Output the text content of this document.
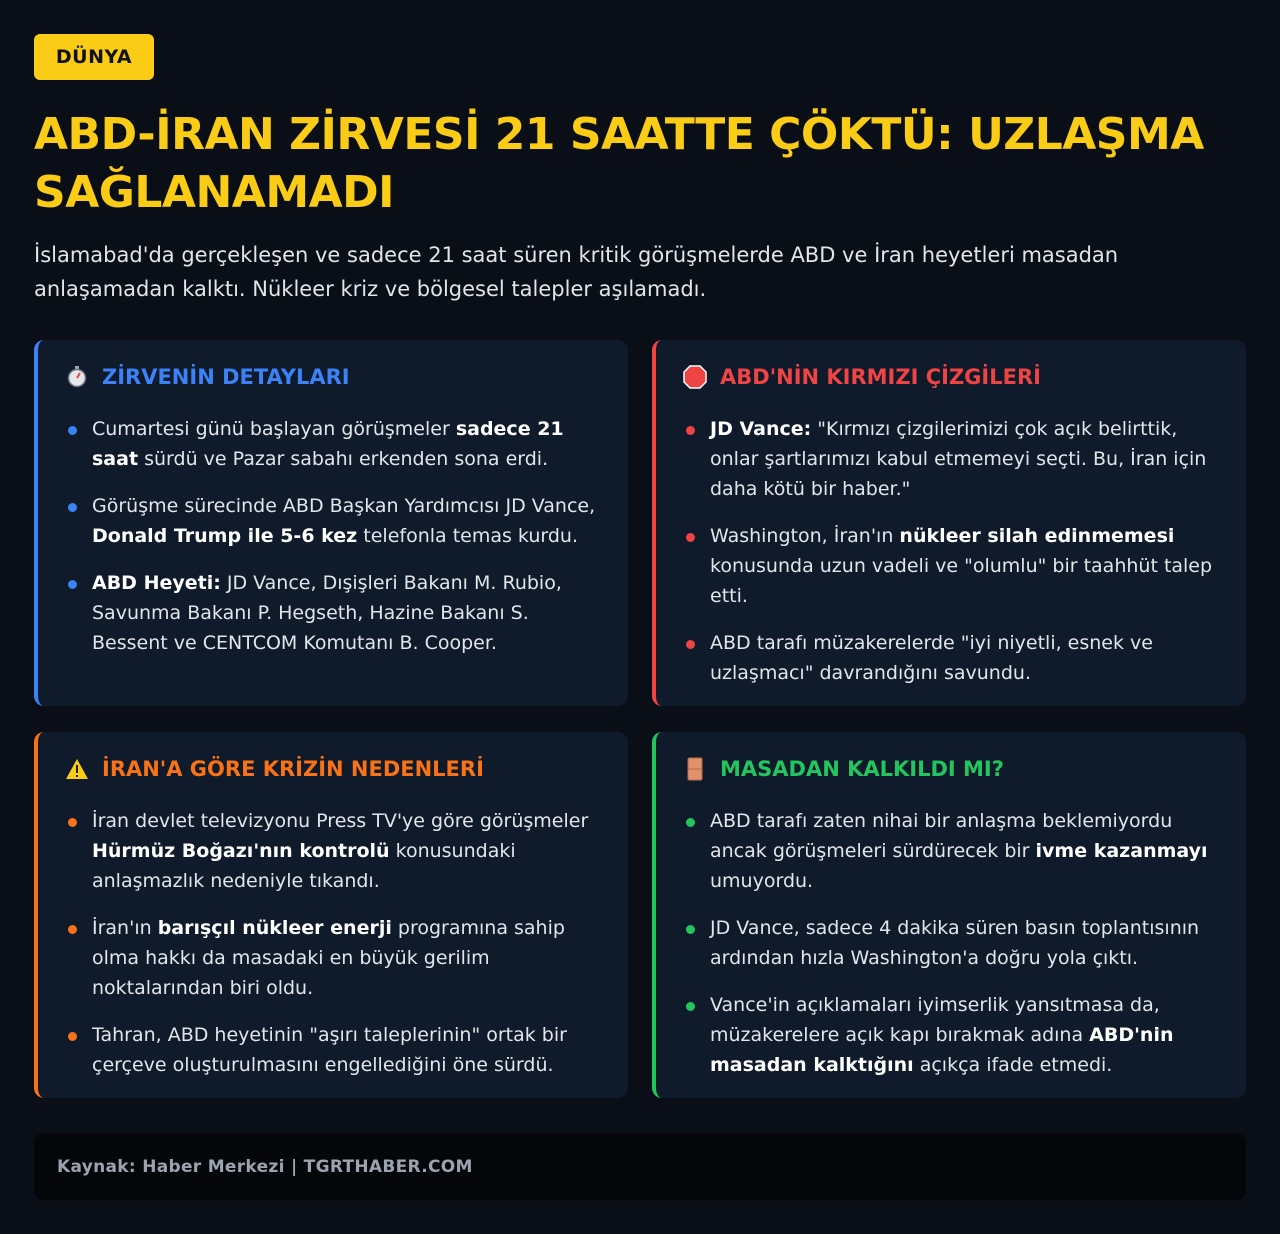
DÜNYA
ABD-İRAN ZİRVESİ 21 SAATTE ÇÖKTÜ: UZLAŞMA SAĞLANAMADI

İslamabad'da gerçekleşen ve sadece 21 saat süren kritik görüşmelerde ABD ve İran heyetleri masadan anlaşamadan kalktı. Nükleer kriz ve bölgesel talepler aşılamadı.

ZİRVENİN DETAYLARI
Cumartesi günü başlayan görüşmeler sadece 21 saat sürdü ve Pazar sabahı erkenden sona erdi.
Görüşme sürecinde ABD Başkan Yardımcısı JD Vance, Donald Trump ile 5-6 kez telefonla temas kurdu.
ABD Heyeti: JD Vance, Dışişleri Bakanı M. Rubio, Savunma Bakanı P. Hegseth, Hazine Bakanı S. Bessent ve CENTCOM Komutanı B. Cooper.
ABD'NİN KIRMIZI ÇİZGİLERİ
JD Vance: "Kırmızı çizgilerimizi çok açık belirttik, onlar şartlarımızı kabul etmemeyi seçti. Bu, İran için daha kötü bir haber."
Washington, İran'ın nükleer silah edinmemesi konusunda uzun vadeli ve "olumlu" bir taahhüt talep etti.
ABD tarafı müzakerelerde "iyi niyetli, esnek ve uzlaşmacı" davrandığını savundu.
İRAN'A GÖRE KRİZİN NEDENLERİ
İran devlet televizyonu Press TV'ye göre görüşmeler Hürmüz Boğazı'nın kontrolü konusundaki anlaşmazlık nedeniyle tıkandı.
İran'ın barışçıl nükleer enerji programına sahip olma hakkı da masadaki en büyük gerilim noktalarından biri oldu.
Tahran, ABD heyetinin "aşırı taleplerinin" ortak bir çerçeve oluşturulmasını engellediğini öne sürdü.
MASADAN KALKILDI MI?
ABD tarafı zaten nihai bir anlaşma beklemiyordu ancak görüşmeleri sürdürecek bir ivme kazanmayı umuyordu.
JD Vance, sadece 4 dakika süren basın toplantısının ardından hızla Washington'a doğru yola çıktı.
Vance'in açıklamaları iyimserlik yansıtmasa da, müzakerelere açık kapı bırakmak adına ABD'nin masadan kalktığını açıkça ifade etmedi.
Kaynak: Haber Merkezi | TGRTHABER.COM
